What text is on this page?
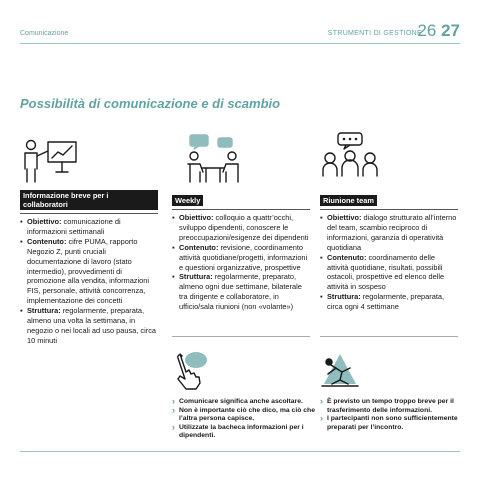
Comunicazione	STRUMENTI DI GESTIONE
26 27
Possibilità di comunicazione e di scambio
Informazione breve per i collaboratori
▪ Obiettivo: comunicazione di informazioni settimanali
▪ Contenuto: cifre PUMA, rapporto Negozio Z, punti cruciali documentazione di lavoro (stato intermedio), provvedimenti di promozione alla vendita, informazioni FIS, personale, attività concorrenza, implementazione dei concetti
▪ Struttura: regolarmente, preparata, almeno una volta la settimana, in negozio o nei locali ad uso pausa, circa 10 minuti
Weekly
▪ Obiettivo: colloquio a quattr’occhi, sviluppo dipendenti, conoscere le preoccupazioni/esigenze dei dipendenti
▪ Contenuto: revisione, coordinamento attività quotidiane/progetti, informazioni e questioni organizzative, prospettive
▪ Struttura: regolarmente, preparato, almeno ogni due settimane, bilaterale tra dirigente e collaboratore, in ufficio/sala riunioni (non «volante»)
Riunione team
▪ Obiettivo: dialogo strutturato all’interno del team, scambio reciproco di informazioni, garanzia di operatività quotidiana
▪ Contenuto: coordinamento delle attività quotidiane, risultati, possibili ostacoli, prospettive ed elenco delle attività in sospeso
▪ Struttura: regolarmente, preparata, circa ogni 4 settimane
› Comunicare significa anche ascoltare.
› Non è importante ciò che dico, ma ciò che l’altra persona capisce.
› Utilizzate la bacheca informazioni per i dipendenti.
› È previsto un tempo troppo breve per il trasferimento delle informazioni.
› I partecipanti non sono sufficientemente preparati per l’incontro.
